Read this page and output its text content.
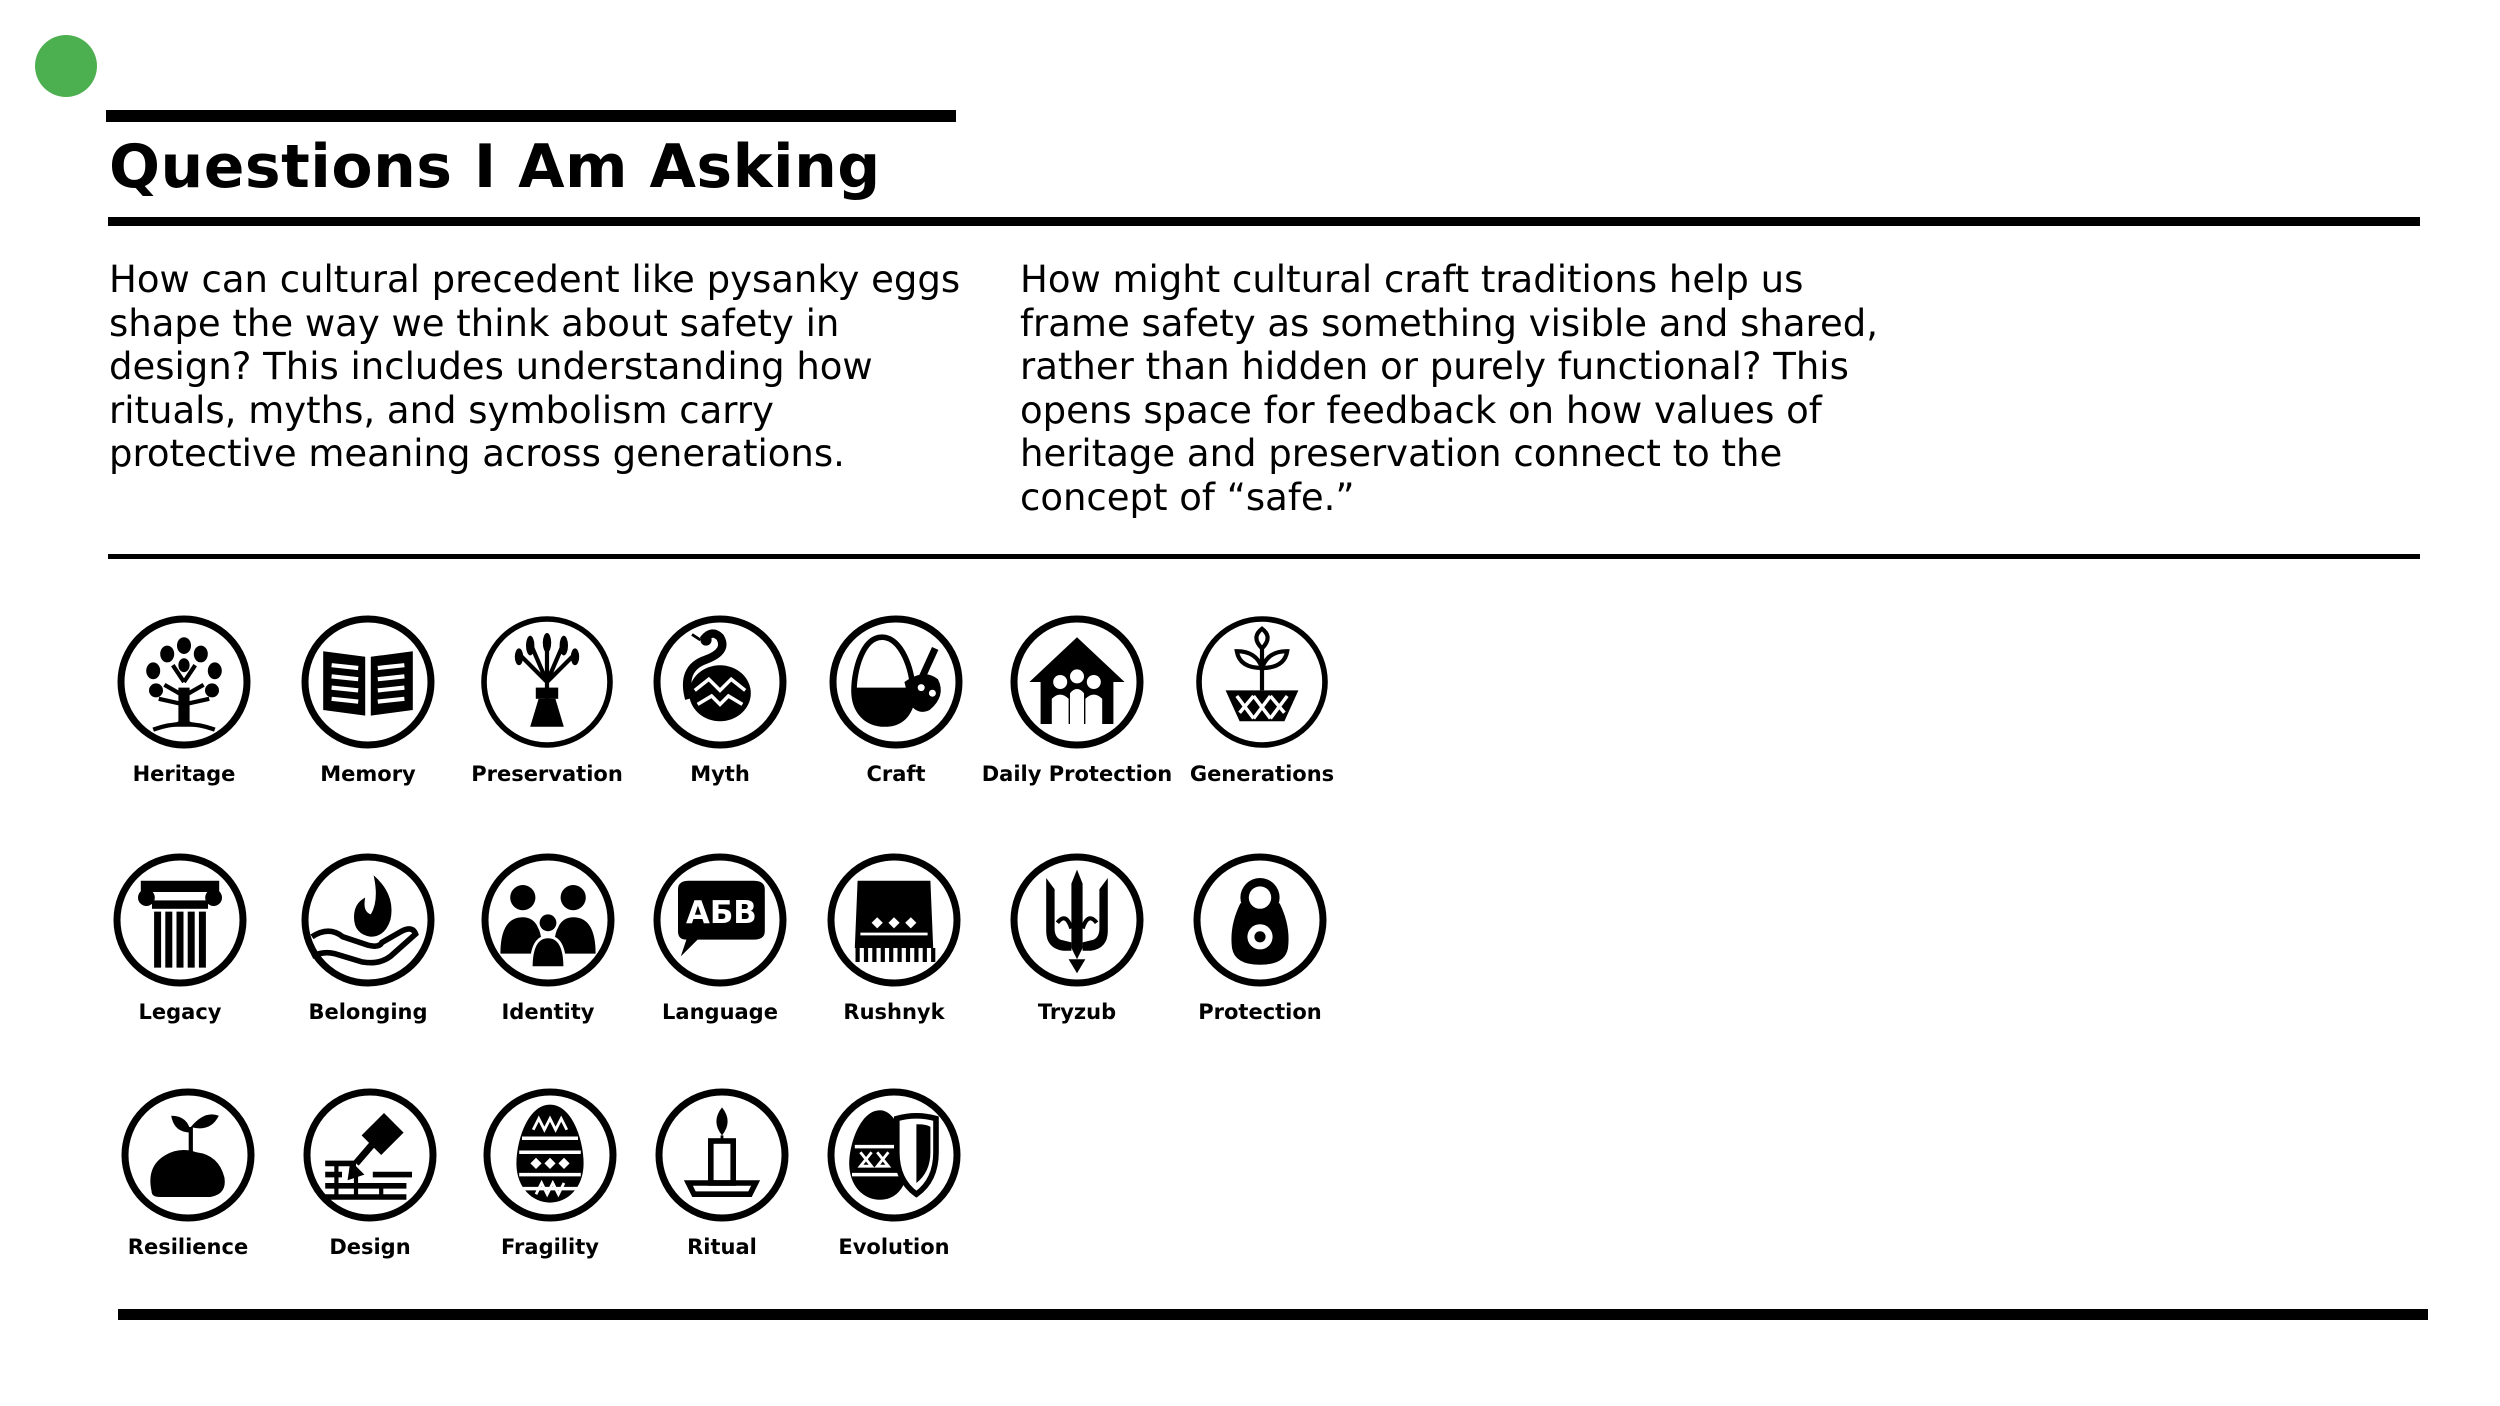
Questions I Am Asking

How can cultural precedent like pysanky eggs
shape the way we think about safety in
design? This includes understanding how
rituals, myths, and symbolism carry
protective meaning across generations.

How might cultural craft traditions help us
frame safety as something visible and shared,
rather than hidden or purely functional? This
opens space for feedback on how values of
heritage and preservation connect to the
concept of “safe.”

Heritage	Memory	Preservation	Myth	Craft	Daily Protection Generations
Legacy	Belonging	Identity
АБВ
Language	Rushnyk	Tryzub	Protection
Resilience	Design	Fragility	Ritual	Evolution
